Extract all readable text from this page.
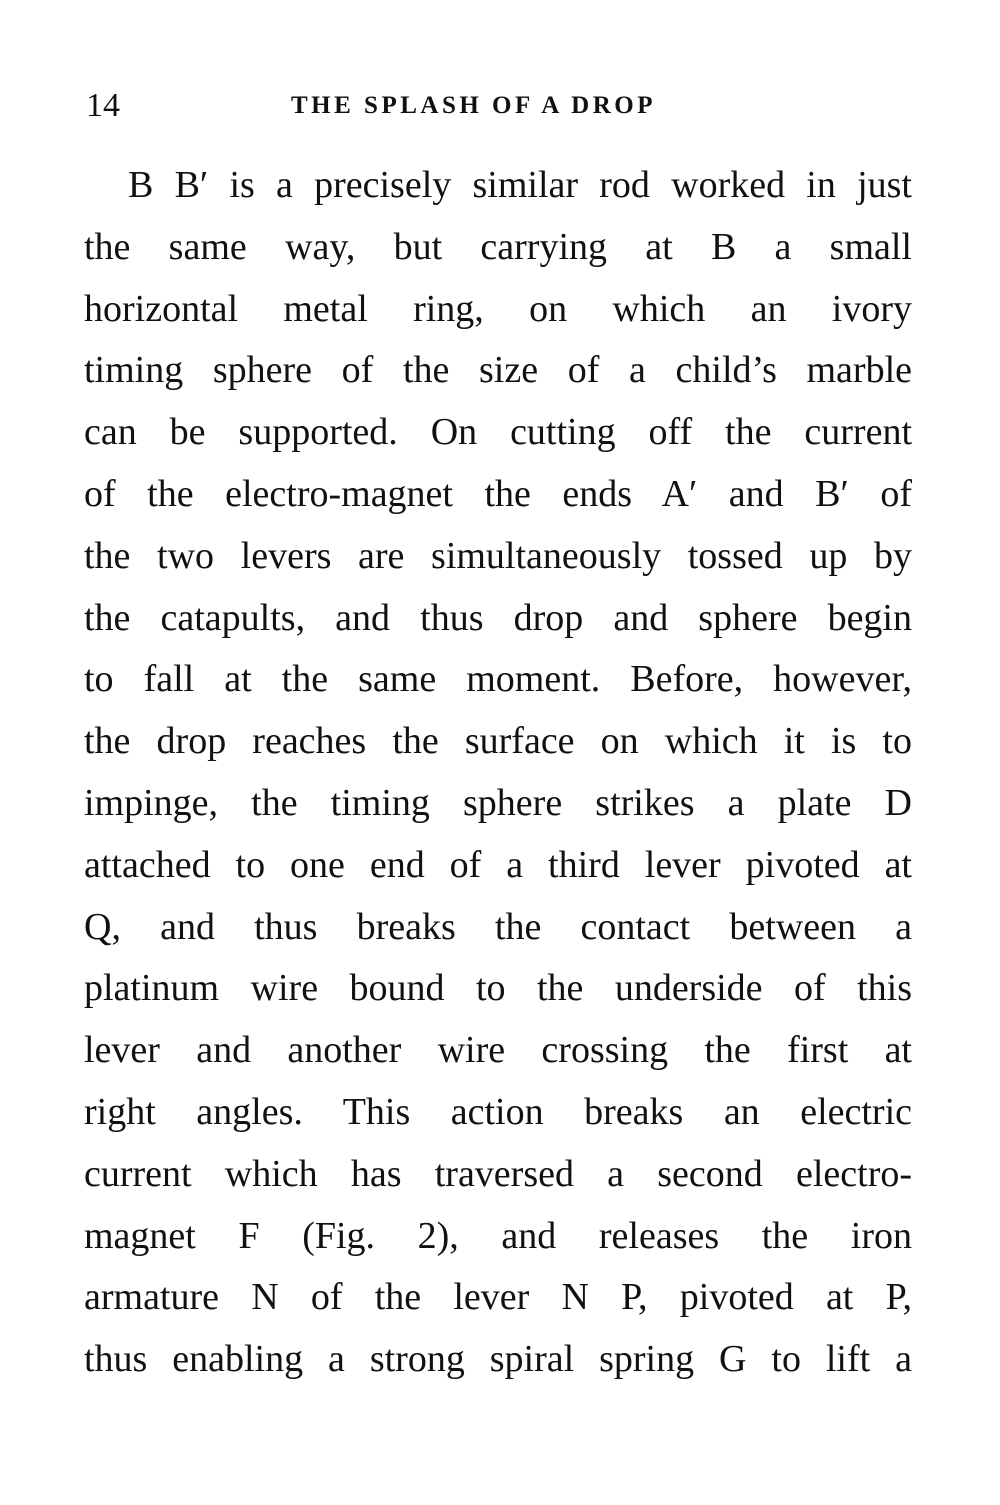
14	THE SPLASH OF A DROP
B B′ is a precisely similar rod worked in just
the same way, but carrying at B a small
horizontal metal ring, on which an ivory
timing sphere of the size of a child’s marble
can be supported. On cutting off the current
of the electro-magnet the ends A′ and B′ of
the two levers are simultaneously tossed up by
the catapults, and thus drop and sphere begin
to fall at the same moment. Before, however,
the drop reaches the surface on which it is to
impinge, the timing sphere strikes a plate D
attached to one end of a third lever pivoted at
Q, and thus breaks the contact between a
platinum wire bound to the underside of this
lever and another wire crossing the first at
right angles. This action breaks an electric
current which has traversed a second electro-
magnet F (Fig. 2), and releases the iron
armature N of the lever N P, pivoted at P,
thus enabling a strong spiral spring G to lift a
